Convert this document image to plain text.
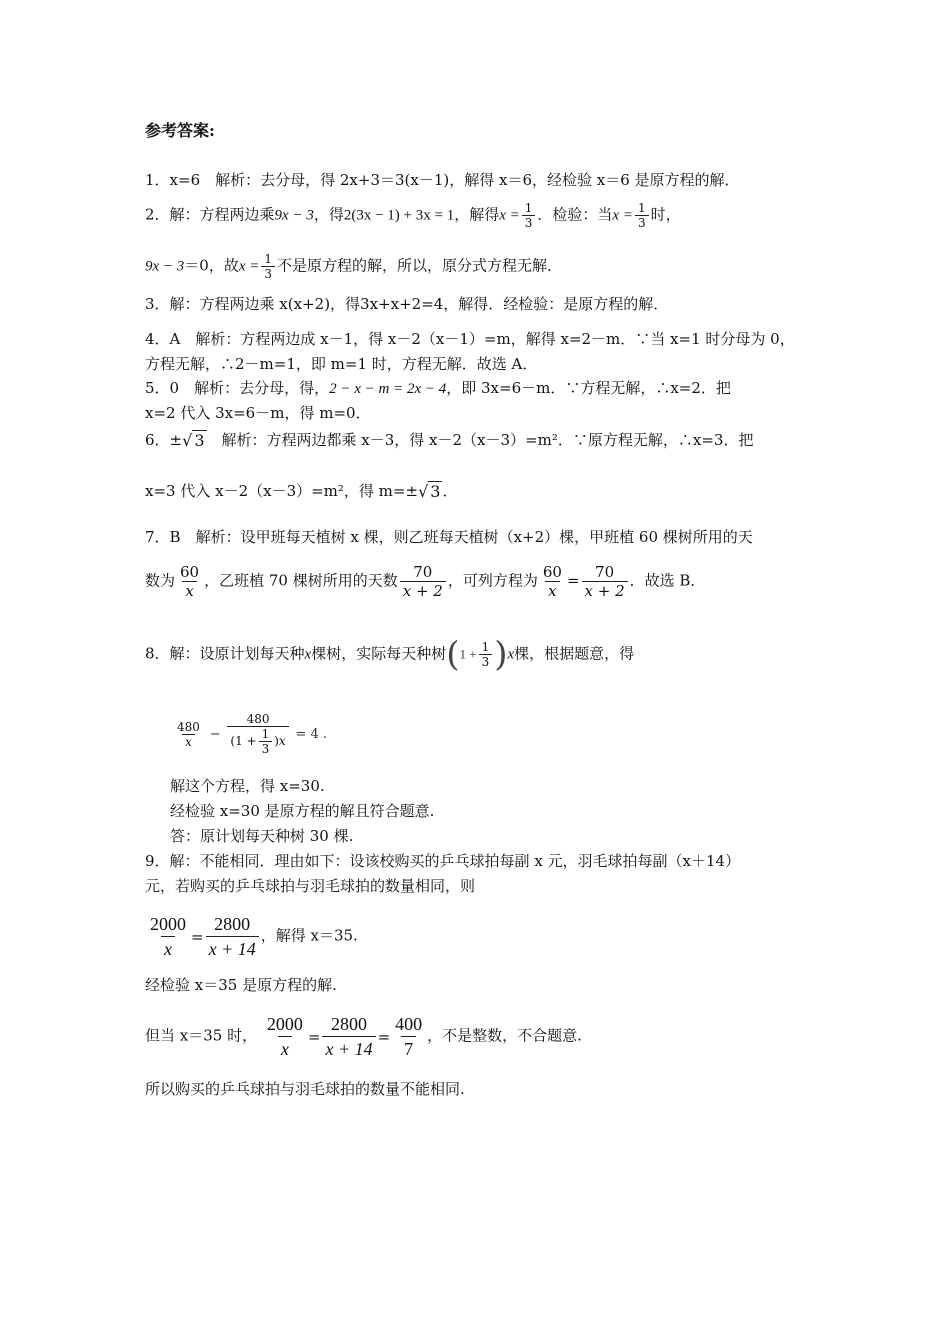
参考答案:
1．x=6　解析：去分母，得 2x+3＝3(x－1)，解得 x＝6，经检验 x＝6 是原方程的解．
2．解：方程两边乘9x − 3，得2(3x − 1) + 3x = 1，解得$x = \frac{1}{3}$ ．检验：当$x = \frac{1}{3}$ 时，
9x − 3＝0，故$x = \frac{1}{3}$ 不是原方程的解，所以，原分式方程无解．
3．解：方程两边乘 x(x+2)，得3x+x+2=4，解得．经检验：是原方程的解．
4．A　解析：方程两边成 x－1，得 x－2（x－1）=m，解得 x=2－m．∵当 x=1 时分母为 0，
方程无解，∴2－m=1，即 m=1 时，方程无解．故选 A．
5．0　解析：去分母，得，2 − x − m = 2x − 4，即 3x=6－m．∵方程无解，∴x=2．把
x=2 代入 3x=6－m，得 m=0．
6．±√ 3　解析：方程两边都乘 x－3，得 x－2（x－3）=m²．∵原方程无解，∴x=3．把
x=3 代入 x－2（x－3）=m²，得 m=±√ 3 ．
7．B　解析：设甲班每天植树 x 棵，则乙班每天植树（x+2）棵，甲班植 60 棵树所用的天
数为 $\frac{60}{x}$ ，乙班植 70 棵树所用的天数 $\frac{70}{x + 2}$ ，可列方程为 $\frac{60}{x} = \frac{70}{x + 2}$ ．故选 B．
8．解：设原计划每天种x棵树，实际每天种树$(1 + \frac{1}{3} )x$棵，根据题意，得
$\frac{480}{x} - \frac{480}{(1 + \frac{1}{3} )x} = 4$ .
解这个方程，得 x=30.
经检验 x=30 是原方程的解且符合题意.
答：原计划每天种树 30 棵.
9．解：不能相同．理由如下：设该校购买的乒乓球拍每副 x 元，羽毛球拍每副（x＋14）
元，若购买的乒乓球拍与羽毛球拍的数量相同，则
$\frac{2000}{x} = \frac{2800}{x + 14}$ ，解得 x＝35.
经检验 x＝35 是原方程的解.
但当 x＝35 时， $\frac{2000}{x} = \frac{2800}{x + 14} = \frac{400}{7}$ ，不是整数，不合题意.
所以购买的乒乓球拍与羽毛球拍的数量不能相同.
